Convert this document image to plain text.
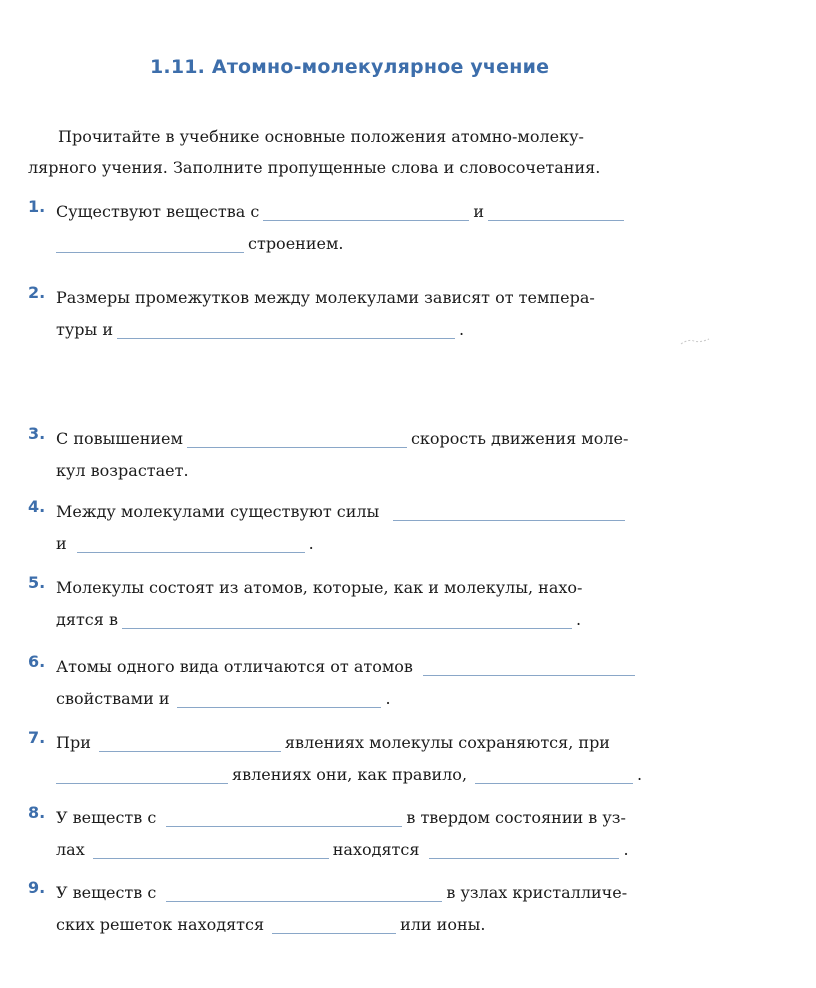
1.11. Атомно-молекулярное учение
Прочитайте в учебнике основные положения атомно-молеку-
лярного учения. Заполните пропущенные слова и словосочетания.
1. Существуют вещества с	и
строением.
2. Размеры промежутков между молекулами зависят от темпера-
туры и	.
3. С повышением	скорость движения моле-
кул возрастает.
4. Между молекулами существуют силы
и	.
5. Молекулы состоят из атомов, которые, как и молекулы, нахо-
дятся в	.
6. Атомы одного вида отличаются от атомов
свойствами и	.
7. При	явлениях молекулы сохраняются, при
явлениях они, как правило,	.
8. У веществ с	в твердом состоянии в уз-
лах	находятся	.
9. У веществ с	в узлах кристалличе-
ских решеток находятся	или ионы.
